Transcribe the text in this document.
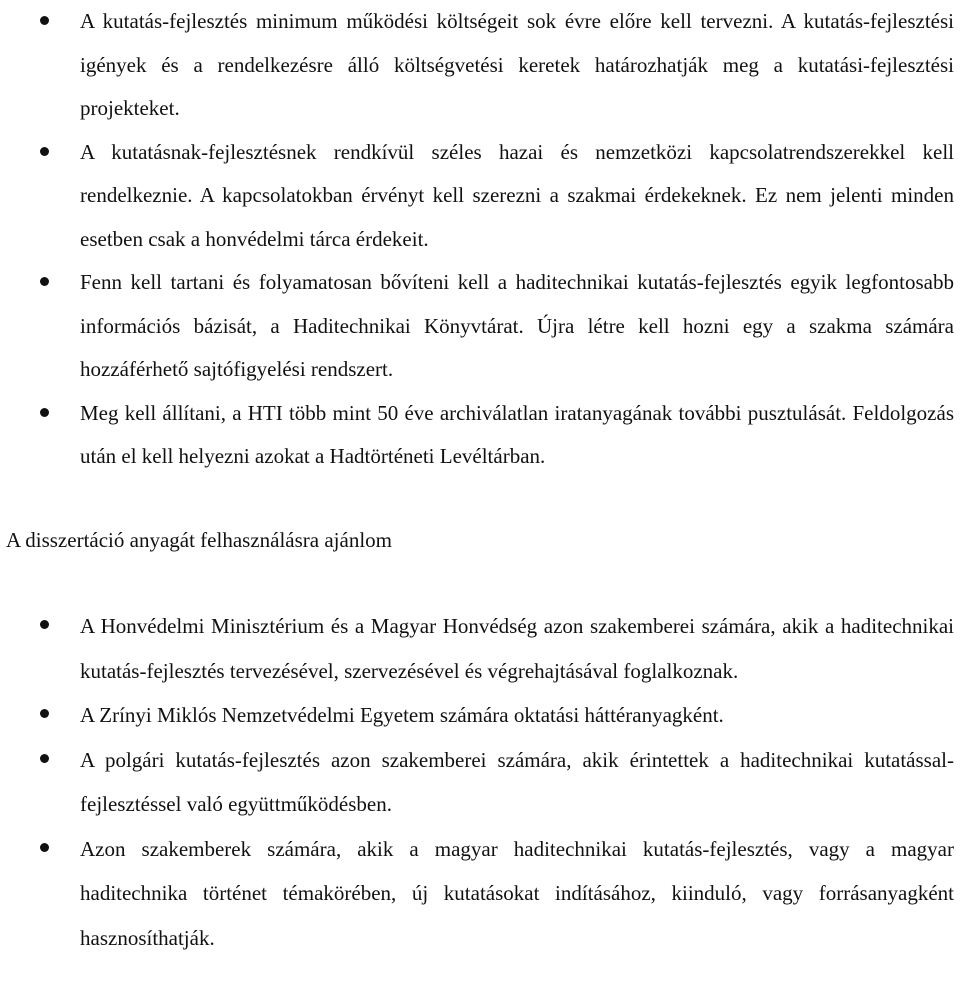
A kutatás-fejlesztés minimum működési költségeit sok évre előre kell tervezni. A kutatás-fejlesztési igények és a rendelkezésre álló költségvetési keretek határozhatják meg a kutatási-fejlesztési projekteket.
A kutatásnak-fejlesztésnek rendkívül széles hazai és nemzetközi kapcsolatrendszerekkel kell rendelkeznie. A kapcsolatokban érvényt kell szerezni a szakmai érdekeknek. Ez nem jelenti minden esetben csak a honvédelmi tárca érdekeit.
Fenn kell tartani és folyamatosan bővíteni kell a haditechnikai kutatás-fejlesztés egyik legfontosabb információs bázisát, a Haditechnikai Könyvtárat. Újra létre kell hozni egy a szakma számára hozzáférhető sajtófigyelési rendszert.
Meg kell állítani, a HTI több mint 50 éve archiválatlan iratanyagának további pusztulását. Feldolgozás után el kell helyezni azokat a Hadtörténeti Levéltárban.

A disszertáció anyagát felhasználásra ajánlom

A Honvédelmi Minisztérium és a Magyar Honvédség azon szakemberei számára, akik a haditechnikai kutatás-fejlesztés tervezésével, szervezésével és végrehajtásával foglalkoznak.
A Zrínyi Miklós Nemzetvédelmi Egyetem számára oktatási háttéranyagként.
A polgári kutatás-fejlesztés azon szakemberei számára, akik érintettek a haditechnikai kutatással-fejlesztéssel való együttműködésben.
Azon szakemberek számára, akik a magyar haditechnikai kutatás-fejlesztés, vagy a magyar haditechnika történet témakörében, új kutatásokat indításához, kiinduló, vagy forrásanyagként hasznosíthatják.
